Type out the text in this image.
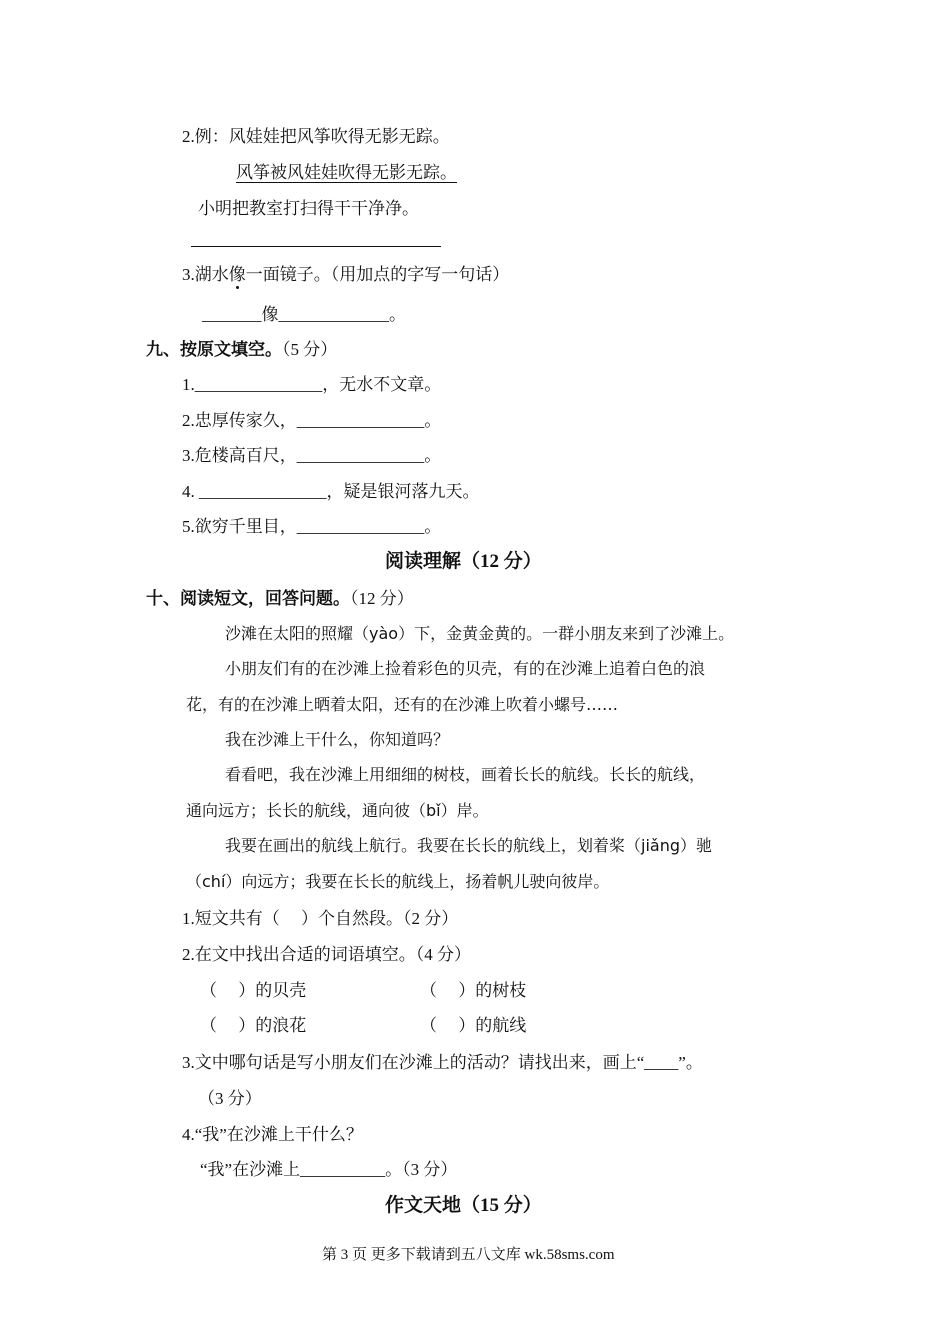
2.例：风娃娃把风筝吹得无影无踪。
风筝被风娃娃吹得无影无踪。
小明把教室打扫得干干净净。
3.湖水像一面镜子。（用加点的字写一句话）
_______像_____________。
九、按原文填空。（5 分）
1._______________，无水不文章。
2.忠厚传家久，_______________。
3.危楼高百尺，_______________。
4. _______________，疑是银河落九天。
5.欲穷千里目，_______________。
阅读理解（12 分）
十、阅读短文，回答问题。（12 分）
沙滩在太阳的照耀（yào）下，金黄金黄的。一群小朋友来到了沙滩上。
小朋友们有的在沙滩上捡着彩色的贝壳，有的在沙滩上追着白色的浪
花，有的在沙滩上晒着太阳，还有的在沙滩上吹着小螺号……
我在沙滩上干什么，你知道吗？
看看吧，我在沙滩上用细细的树枝，画着长长的航线。长长的航线，
通向远方；长长的航线，通向彼（bǐ）岸。
我要在画出的航线上航行。我要在长长的航线上，划着桨（jiǎng）驰
（chí）向远方；我要在长长的航线上，扬着帆儿驶向彼岸。
1.短文共有（　 ）个自然段。（2 分）
2.在文中找出合适的词语填空。（4 分）
（　 ）的贝壳	（　 ）的树枝
（　 ）的浪花	（　 ）的航线
3.文中哪句话是写小朋友们在沙滩上的活动？请找出来，画上“____”。
（3 分）
4.“我”在沙滩上干什么？
“我”在沙滩上__________。（3 分）
作文天地（15 分）
第 3 页 更多下载请到五八文库 wk.58sms.com
